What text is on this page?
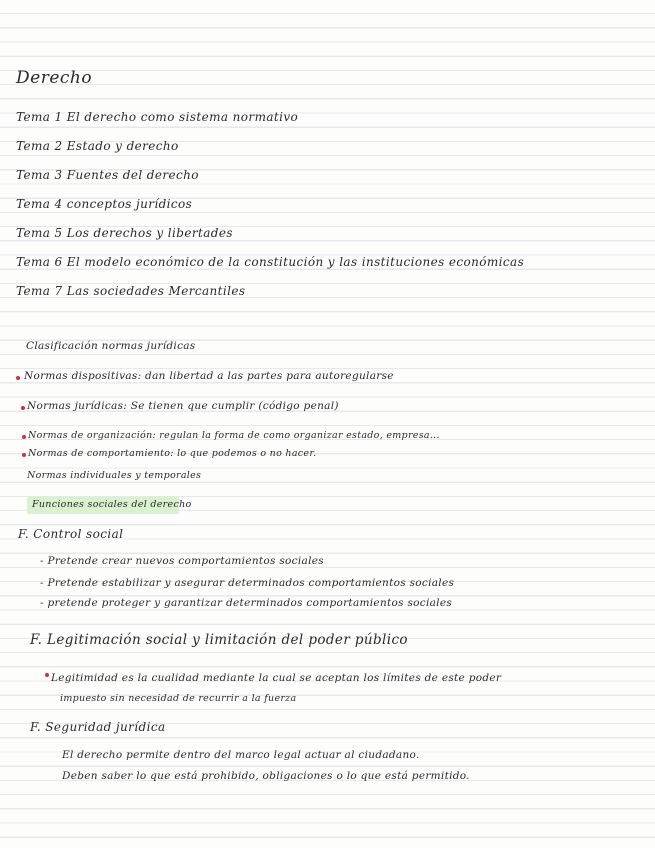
Derecho
Tema 1 El derecho como sistema normativo
Tema 2 Estado y derecho
Tema 3 Fuentes del derecho
Tema 4 conceptos jurídicos
Tema 5 Los derechos y libertades
Tema 6 El modelo económico de la constitución y las instituciones económicas
Tema 7 Las sociedades Mercantiles
Clasificación normas jurídicas
Normas dispositivas: dan libertad a las partes para autoregularse
Normas jurídicas: Se tienen que cumplir (código penal)
Normas de organización: regulan la forma de como organizar estado, empresa...
Normas de comportamiento: lo que podemos o no hacer.
Normas individuales y temporales
Funciones sociales del derecho
F. Control social
- Pretende crear nuevos comportamientos sociales
- Pretende estabilizar y asegurar determinados comportamientos sociales
- pretende proteger y garantizar determinados comportamientos sociales
F. Legitimación social y limitación del poder público
Legitimidad es la cualidad mediante la cual se aceptan los límites de este poder
impuesto sin necesidad de recurrir a la fuerza
F. Seguridad jurídica
El derecho permite dentro del marco legal actuar al ciudadano.
Deben saber lo que está prohibido, obligaciones o lo que está permitido.
